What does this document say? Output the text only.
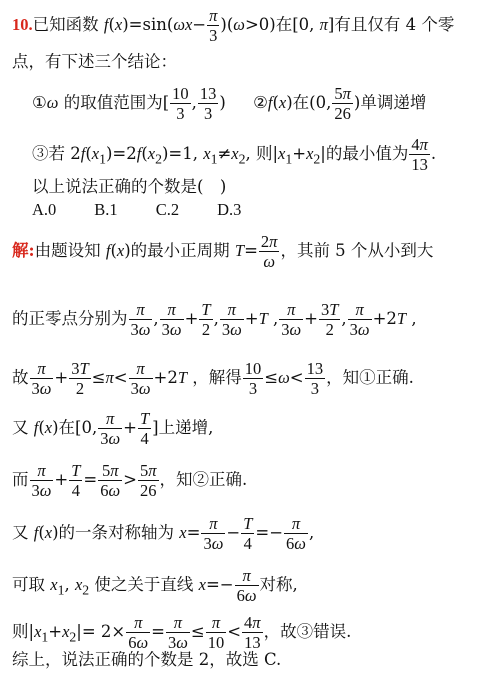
10.已知函数 $f(x)=\sin(\omega x- \frac{\pi}{3} )(\omega>0)$在[0, π]有且仅有 4 个零
点，有下述三个结论：
①ω 的取值范围为[ $\frac{10}{3}$ , $\frac{13}{3}$ ) ②f(x)在(0, $\frac{5\pi}{26}$ )单调递增
③若 $2f(x_1)=2f(x_2)=1$, $x_1\ne x_2$, 则$|x_1+x_2|$的最小值为 $\frac{4\pi}{13}$ .
以上说法正确的个数是(　)
A.0 B.1 C.2 D.3
解:由题设知 f(x)的最小正周期 $T= \frac{2\pi}{\omega}$ ，其前 5 个从小到大
的正零点分别为 $\frac{\pi}{3\omega}$ , $\frac{\pi}{3\omega} + \frac{T}{2}$ , $\frac{\pi}{3\omega} +T$ , $\frac{\pi}{3\omega} + \frac{3T}{2}$ , $\frac{\pi}{3\omega} +2T$ ,
故 $\frac{\pi}{3\omega} + \frac{3T}{2} \le\pi< \frac{\pi}{3\omega} +2T$ ，解得 $\frac{10}{3} \le\omega< \frac{13}{3}$ ，知①正确.
又 f(x)在[0, $\frac{\pi}{3\omega} + \frac{T}{4}$ ]上递增,
而 $\frac{\pi}{3\omega} + \frac{T}{4} = \frac{5\pi}{6\omega} > \frac{5\pi}{26}$ ，知②正确.
又 f(x)的一条对称轴为 $x= \frac{\pi}{3\omega} - \frac{T}{4} =- \frac{\pi}{6\omega}$ ,
可取 $x_1$, $x_2$ 使之关于直线 $x=- \frac{\pi}{6\omega}$ 对称,
则$|x_1+x_2|= 2\times \frac{\pi}{6\omega} = \frac{\pi}{3\omega} \le \frac{\pi}{10} < \frac{4\pi}{13}$ ，故③错误.
综上，说法正确的个数是 2，故选 C.
